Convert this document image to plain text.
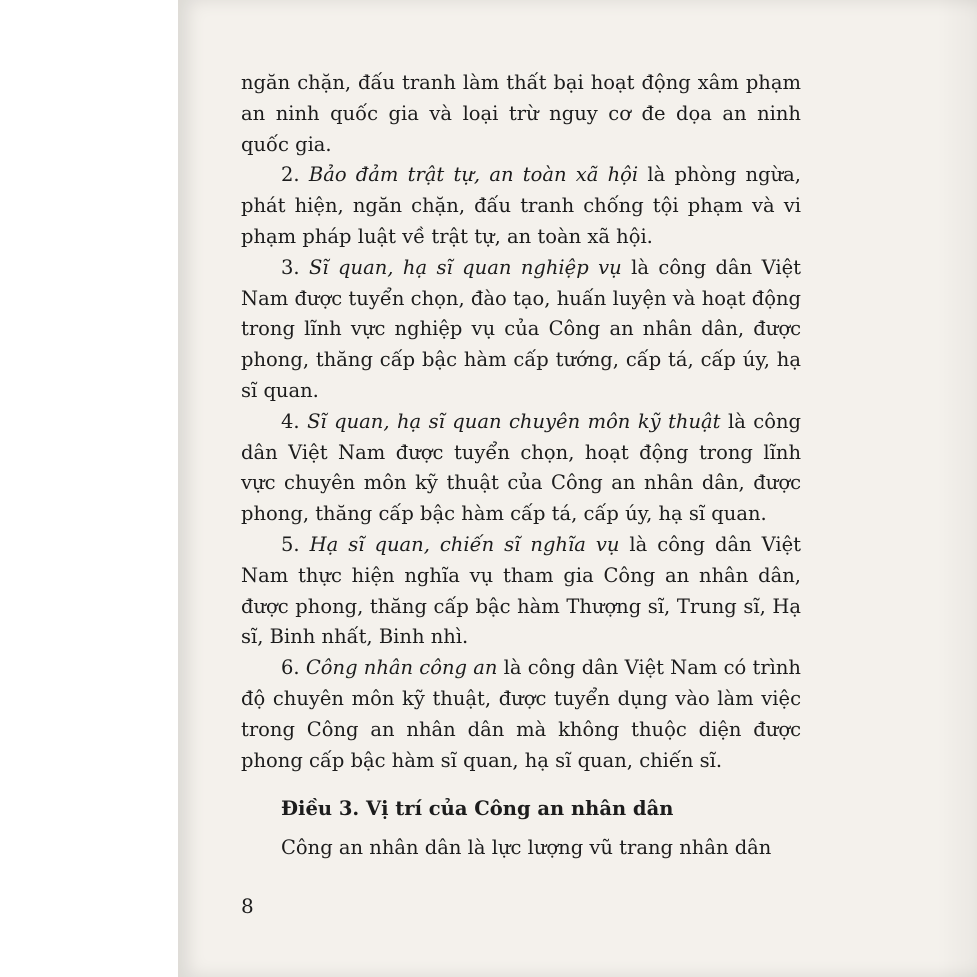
ngăn chặn, đấu tranh làm thất bại hoạt động xâm phạm an ninh quốc gia và loại trừ nguy cơ đe dọa an ninh quốc gia.

2. Bảo đảm trật tự, an toàn xã hội là phòng ngừa, phát hiện, ngăn chặn, đấu tranh chống tội phạm và vi phạm pháp luật về trật tự, an toàn xã hội.

3. Sĩ quan, hạ sĩ quan nghiệp vụ là công dân Việt Nam được tuyển chọn, đào tạo, huấn luyện và hoạt động trong lĩnh vực nghiệp vụ của Công an nhân dân, được phong, thăng cấp bậc hàm cấp tướng, cấp tá, cấp úy, hạ sĩ quan.

4. Sĩ quan, hạ sĩ quan chuyên môn kỹ thuật là công dân Việt Nam được tuyển chọn, hoạt động trong lĩnh vực chuyên môn kỹ thuật của Công an nhân dân, được phong, thăng cấp bậc hàm cấp tá, cấp úy, hạ sĩ quan.

5. Hạ sĩ quan, chiến sĩ nghĩa vụ là công dân Việt Nam thực hiện nghĩa vụ tham gia Công an nhân dân, được phong, thăng cấp bậc hàm Thượng sĩ, Trung sĩ, Hạ sĩ, Binh nhất, Binh nhì.

6. Công nhân công an là công dân Việt Nam có trình độ chuyên môn kỹ thuật, được tuyển dụng vào làm việc trong Công an nhân dân mà không thuộc diện được phong cấp bậc hàm sĩ quan, hạ sĩ quan, chiến sĩ.

Điều 3. Vị trí của Công an nhân dân

Công an nhân dân là lực lượng vũ trang nhân dân

8
